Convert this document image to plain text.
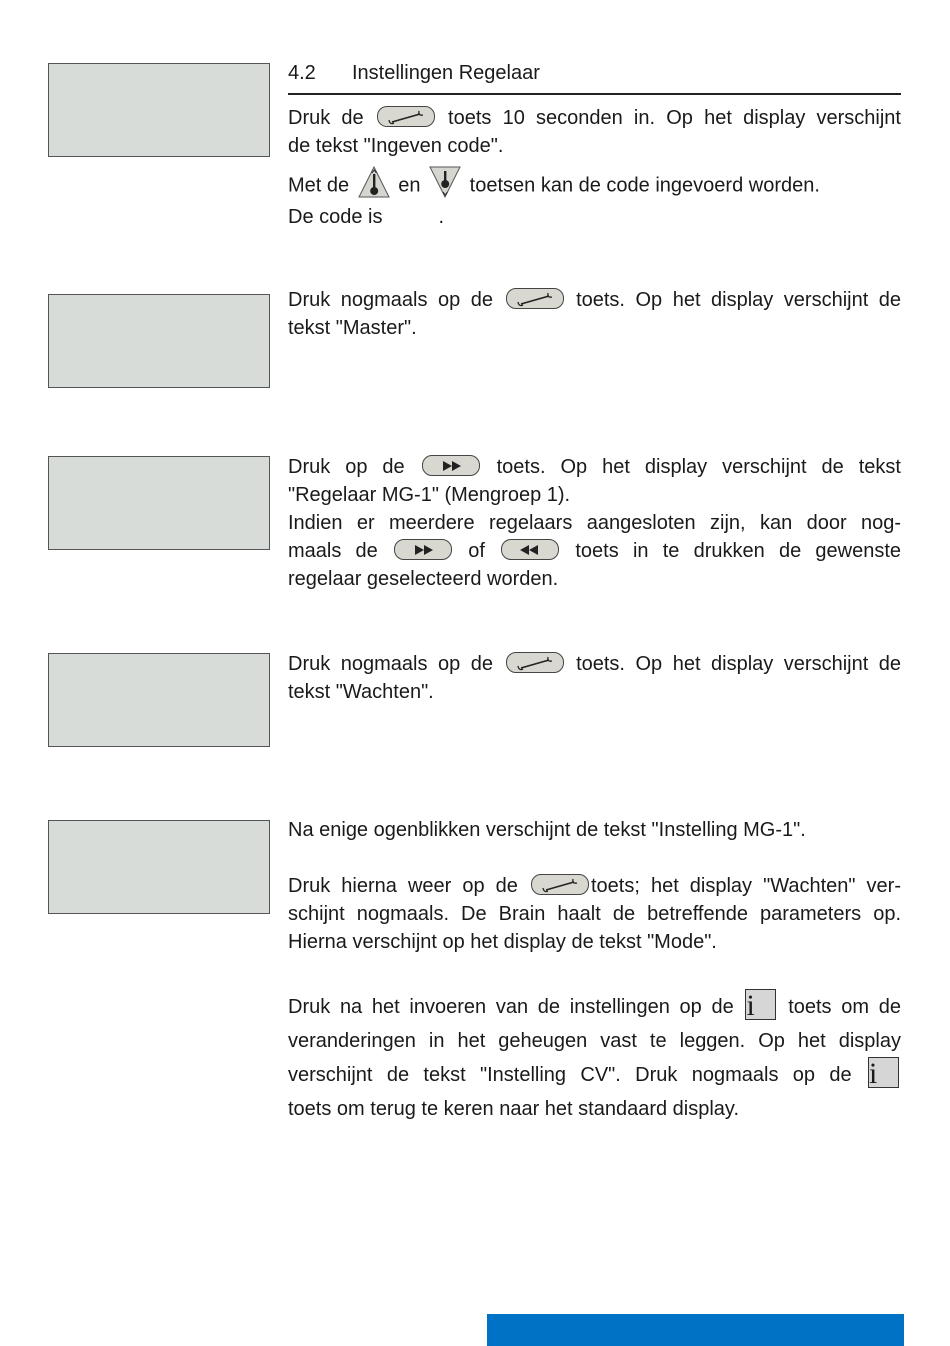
4.2 Instellingen Regelaar
Druk de	toets 10 seconden in. Op het display verschijnt
de tekst "Ingeven code".
Met de en toetsen kan de code ingevoerd worden.
De code is	.
Druk nogmaals op de	toets. Op het display verschijnt de
tekst "Master".
Druk op de	toets. Op het display verschijnt de tekst
"Regelaar MG-1" (Mengroep 1).
Indien er meerdere regelaars aangesloten zijn, kan door nog-
maals de	of	toets in te drukken de gewenste
regelaar geselecteerd worden.
Druk nogmaals op de	toets. Op het display verschijnt de
tekst "Wachten".
Na enige ogenblikken verschijnt de tekst "Instelling MG-1".
Druk hierna weer op de	toets; het display "Wachten" ver-
schijnt nogmaals. De Brain haalt de betreffende parameters op.
Hierna verschijnt op het display de tekst "Mode".
Druk na het invoeren van de instellingen op de i toets om de
veranderingen in het geheugen vast te leggen. Op het display
verschijnt de tekst "Instelling CV". Druk nogmaals op de i
toets om terug te keren naar het standaard display.
